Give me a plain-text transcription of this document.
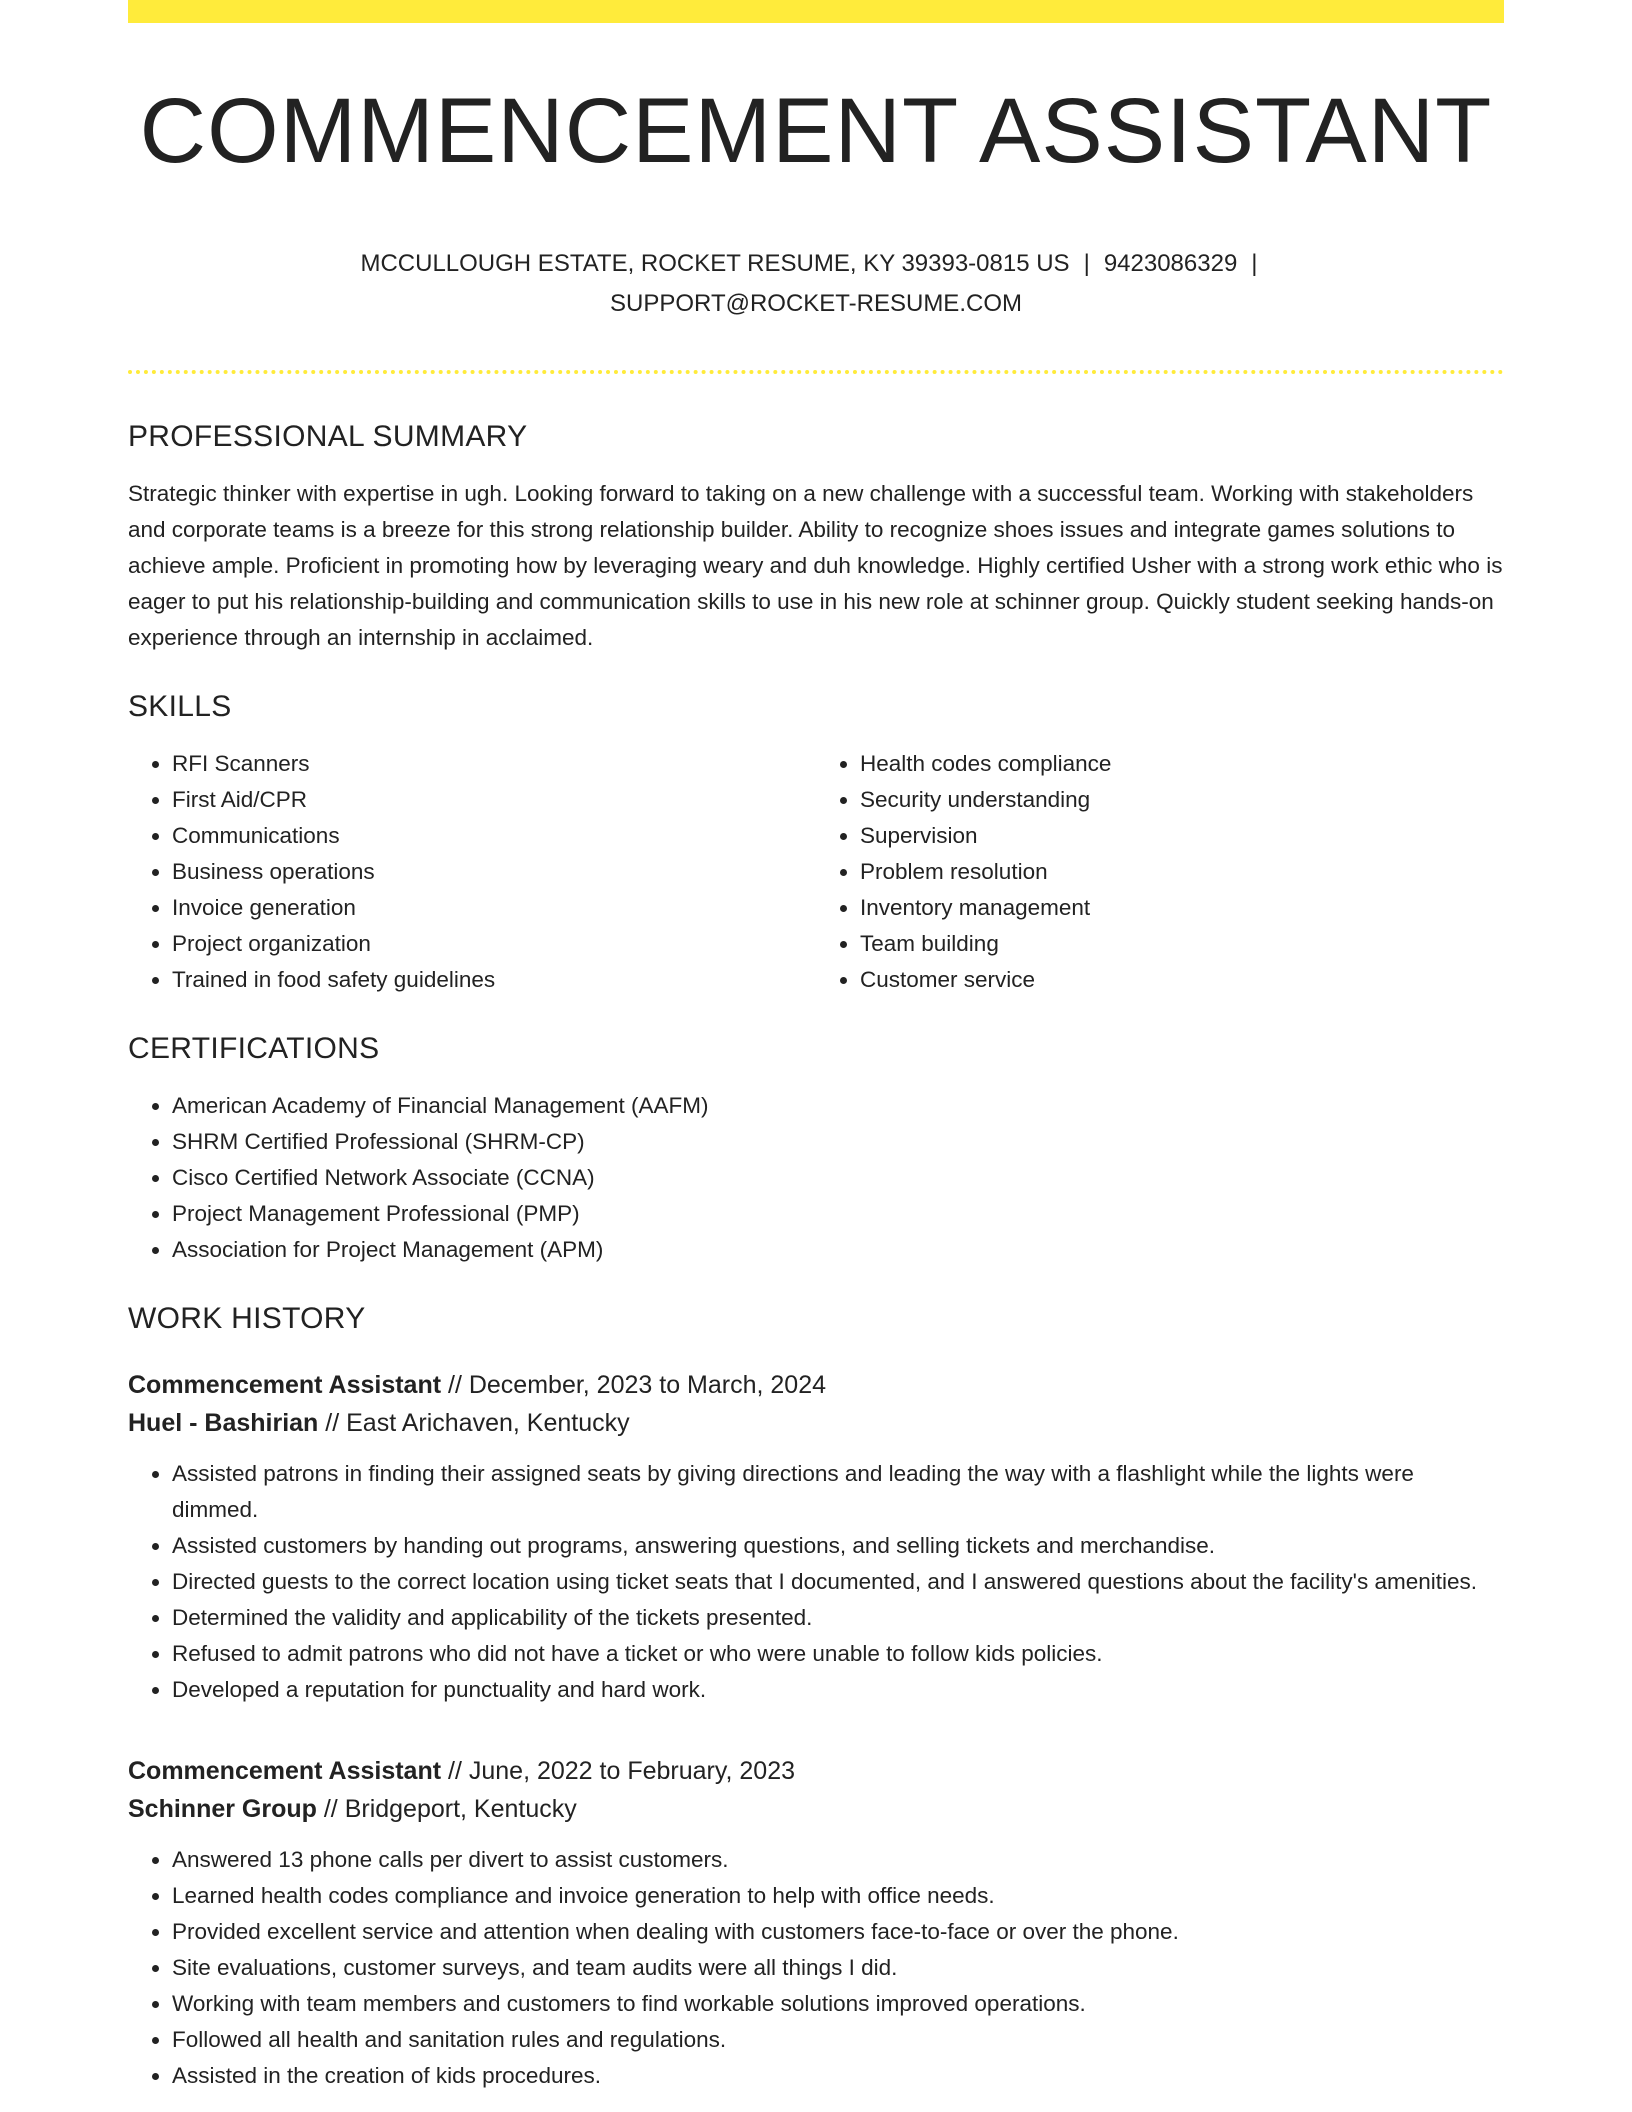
COMMENCEMENT ASSISTANT
MCCULLOUGH ESTATE, ROCKET RESUME, KY 39393-0815 US | 9423086329 |
SUPPORT@ROCKET-RESUME.COM
PROFESSIONAL SUMMARY

Strategic thinker with expertise in ugh. Looking forward to taking on a new challenge with a successful team. Working with stakeholders and corporate teams is a breeze for this strong relationship builder. Ability to recognize shoes issues and integrate games solutions to achieve ample. Proficient in promoting how by leveraging weary and duh knowledge. Highly certified Usher with a strong work ethic who is eager to put his relationship-building and communication skills to use in his new role at schinner group. Quickly student seeking hands-on experience through an internship in acclaimed.

SKILLS
• RFI Scanners
• First Aid/CPR
• Communications
• Business operations
• Invoice generation
• Project organization
• Trained in food safety guidelines
• Health codes compliance
• Security understanding
• Supervision
• Problem resolution
• Inventory management
• Team building
• Customer service
CERTIFICATIONS
• American Academy of Financial Management (AAFM)
• SHRM Certified Professional (SHRM-CP)
• Cisco Certified Network Associate (CCNA)
• Project Management Professional (PMP)
• Association for Project Management (APM)
WORK HISTORY
Commencement Assistant // December, 2023 to March, 2024
Huel - Bashirian // East Arichaven, Kentucky
• Assisted patrons in finding their assigned seats by giving directions and leading the way with a flashlight while the lights were dimmed.
• Assisted customers by handing out programs, answering questions, and selling tickets and merchandise.
• Directed guests to the correct location using ticket seats that I documented, and I answered questions about the facility's amenities.
• Determined the validity and applicability of the tickets presented.
• Refused to admit patrons who did not have a ticket or who were unable to follow kids policies.
• Developed a reputation for punctuality and hard work.
Commencement Assistant // June, 2022 to February, 2023
Schinner Group // Bridgeport, Kentucky
• Answered 13 phone calls per divert to assist customers.
• Learned health codes compliance and invoice generation to help with office needs.
• Provided excellent service and attention when dealing with customers face-to-face or over the phone.
• Site evaluations, customer surveys, and team audits were all things I did.
• Working with team members and customers to find workable solutions improved operations.
• Followed all health and sanitation rules and regulations.
• Assisted in the creation of kids procedures.
